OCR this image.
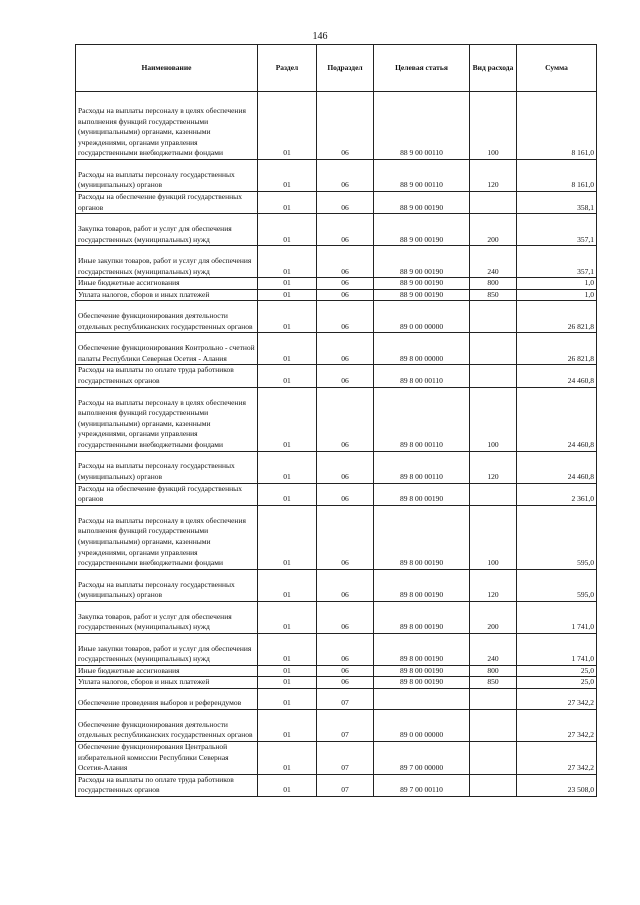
146
Наименование	Раздел	Подраздел	Целевая статья	Вид расхода	Сумма
Расходы на выплаты персоналу в целях обеспечения выполнения функций государственными (муниципальными) органами, казенными учреждениями, органами управления государственными внебюджетными фондами	01	06	88 9 00 00110	100	8 161,0
Расходы на выплаты персоналу государственных (муниципальных) органов	01	06	88 9 00 00110	120	8 161,0
Расходы на обеспечение функций государственных органов	01	06	88 9 00 00190		358,1
Закупка товаров, работ и услуг для обеспечения государственных (муниципальных) нужд	01	06	88 9 00 00190	200	357,1
Иные закупки товаров, работ и услуг для обеспечения государственных (муниципальных) нужд	01	06	88 9 00 00190	240	357,1
Иные бюджетные ассигнования	01	06	88 9 00 00190	800	1,0
Уплата налогов, сборов и иных платежей	01	06	88 9 00 00190	850	1,0
Обеспечение функционирования деятельности отдельных республиканских государственных органов	01	06	89 0 00 00000		26 821,8
Обеспечение функционирования Контрольно - счетной палаты Республики Северная Осетия - Алания	01	06	89 8 00 00000		26 821,8
Расходы на выплаты по оплате труда работников государственных органов	01	06	89 8 00 00110		24 460,8
Расходы на выплаты персоналу в целях обеспечения выполнения функций государственными (муниципальными) органами, казенными учреждениями, органами управления государственными внебюджетными фондами	01	06	89 8 00 00110	100	24 460,8
Расходы на выплаты персоналу государственных (муниципальных) органов	01	06	89 8 00 00110	120	24 460,8
Расходы на обеспечение функций государственных органов	01	06	89 8 00 00190		2 361,0
Расходы на выплаты персоналу в целях обеспечения выполнения функций государственными (муниципальными) органами, казенными учреждениями, органами управления государственными внебюджетными фондами	01	06	89 8 00 00190	100	595,0
Расходы на выплаты персоналу государственных (муниципальных) органов	01	06	89 8 00 00190	120	595,0
Закупка товаров, работ и услуг для обеспечения государственных (муниципальных) нужд	01	06	89 8 00 00190	200	1 741,0
Иные закупки товаров, работ и услуг для обеспечения государственных (муниципальных) нужд	01	06	89 8 00 00190	240	1 741,0
Иные бюджетные ассигнования	01	06	89 8 00 00190	800	25,0
Уплата налогов, сборов и иных платежей	01	06	89 8 00 00190	850	25,0
Обеспечение проведения выборов и референдумов	01	07			27 342,2
Обеспечение функционирования деятельности отдельных республиканских государственных органов	01	07	89 0 00 00000		27 342,2
Обеспечение функционирования Центральной избирательной комиссии Республики Северная Осетия-Алания	01	07	89 7 00 00000		27 342,2
Расходы на выплаты по оплате труда работников государственных органов	01	07	89 7 00 00110		23 508,0
